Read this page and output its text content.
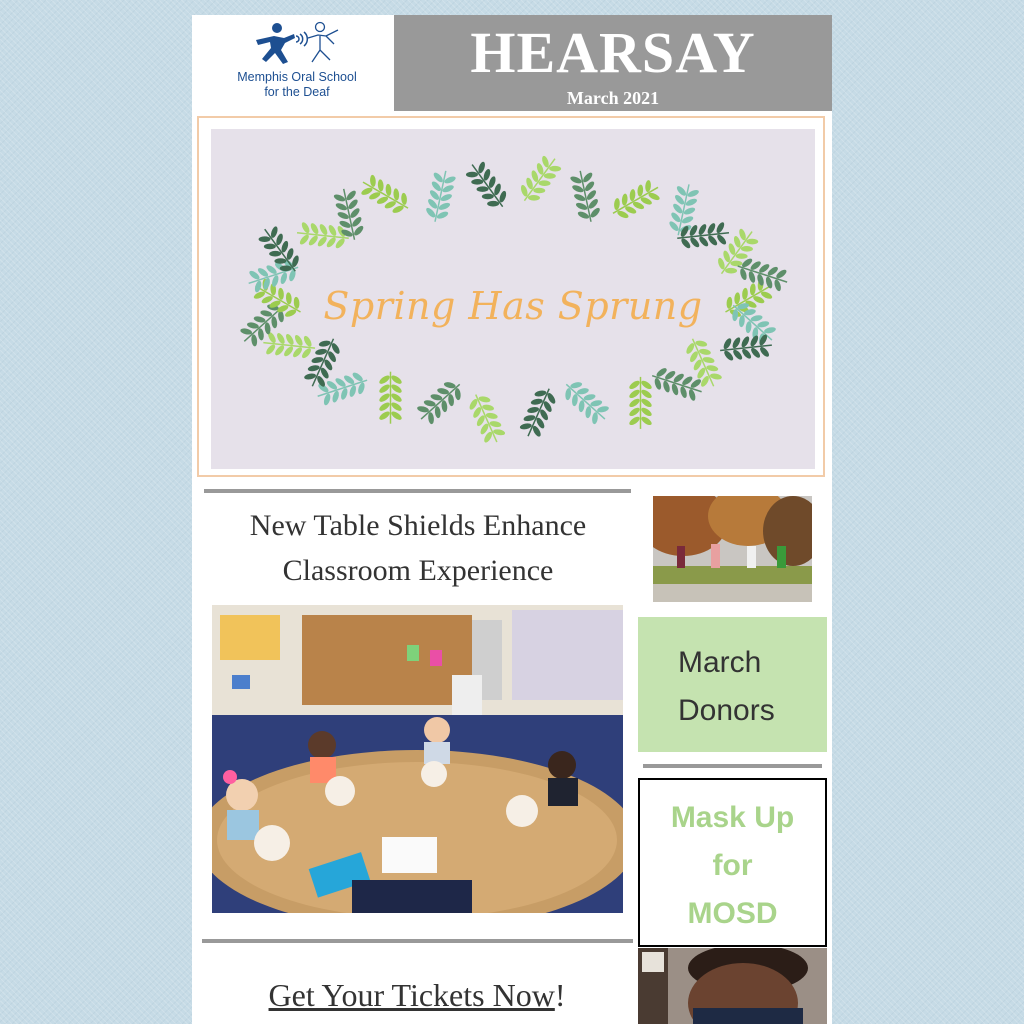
Memphis Oral School
for the Deaf
HEARSAY
March 2021
Spring Has Sprung
New Table Shields Enhance
Classroom Experience
Get Your Tickets Now!
March
Donors
Mask Up
for
MOSD
